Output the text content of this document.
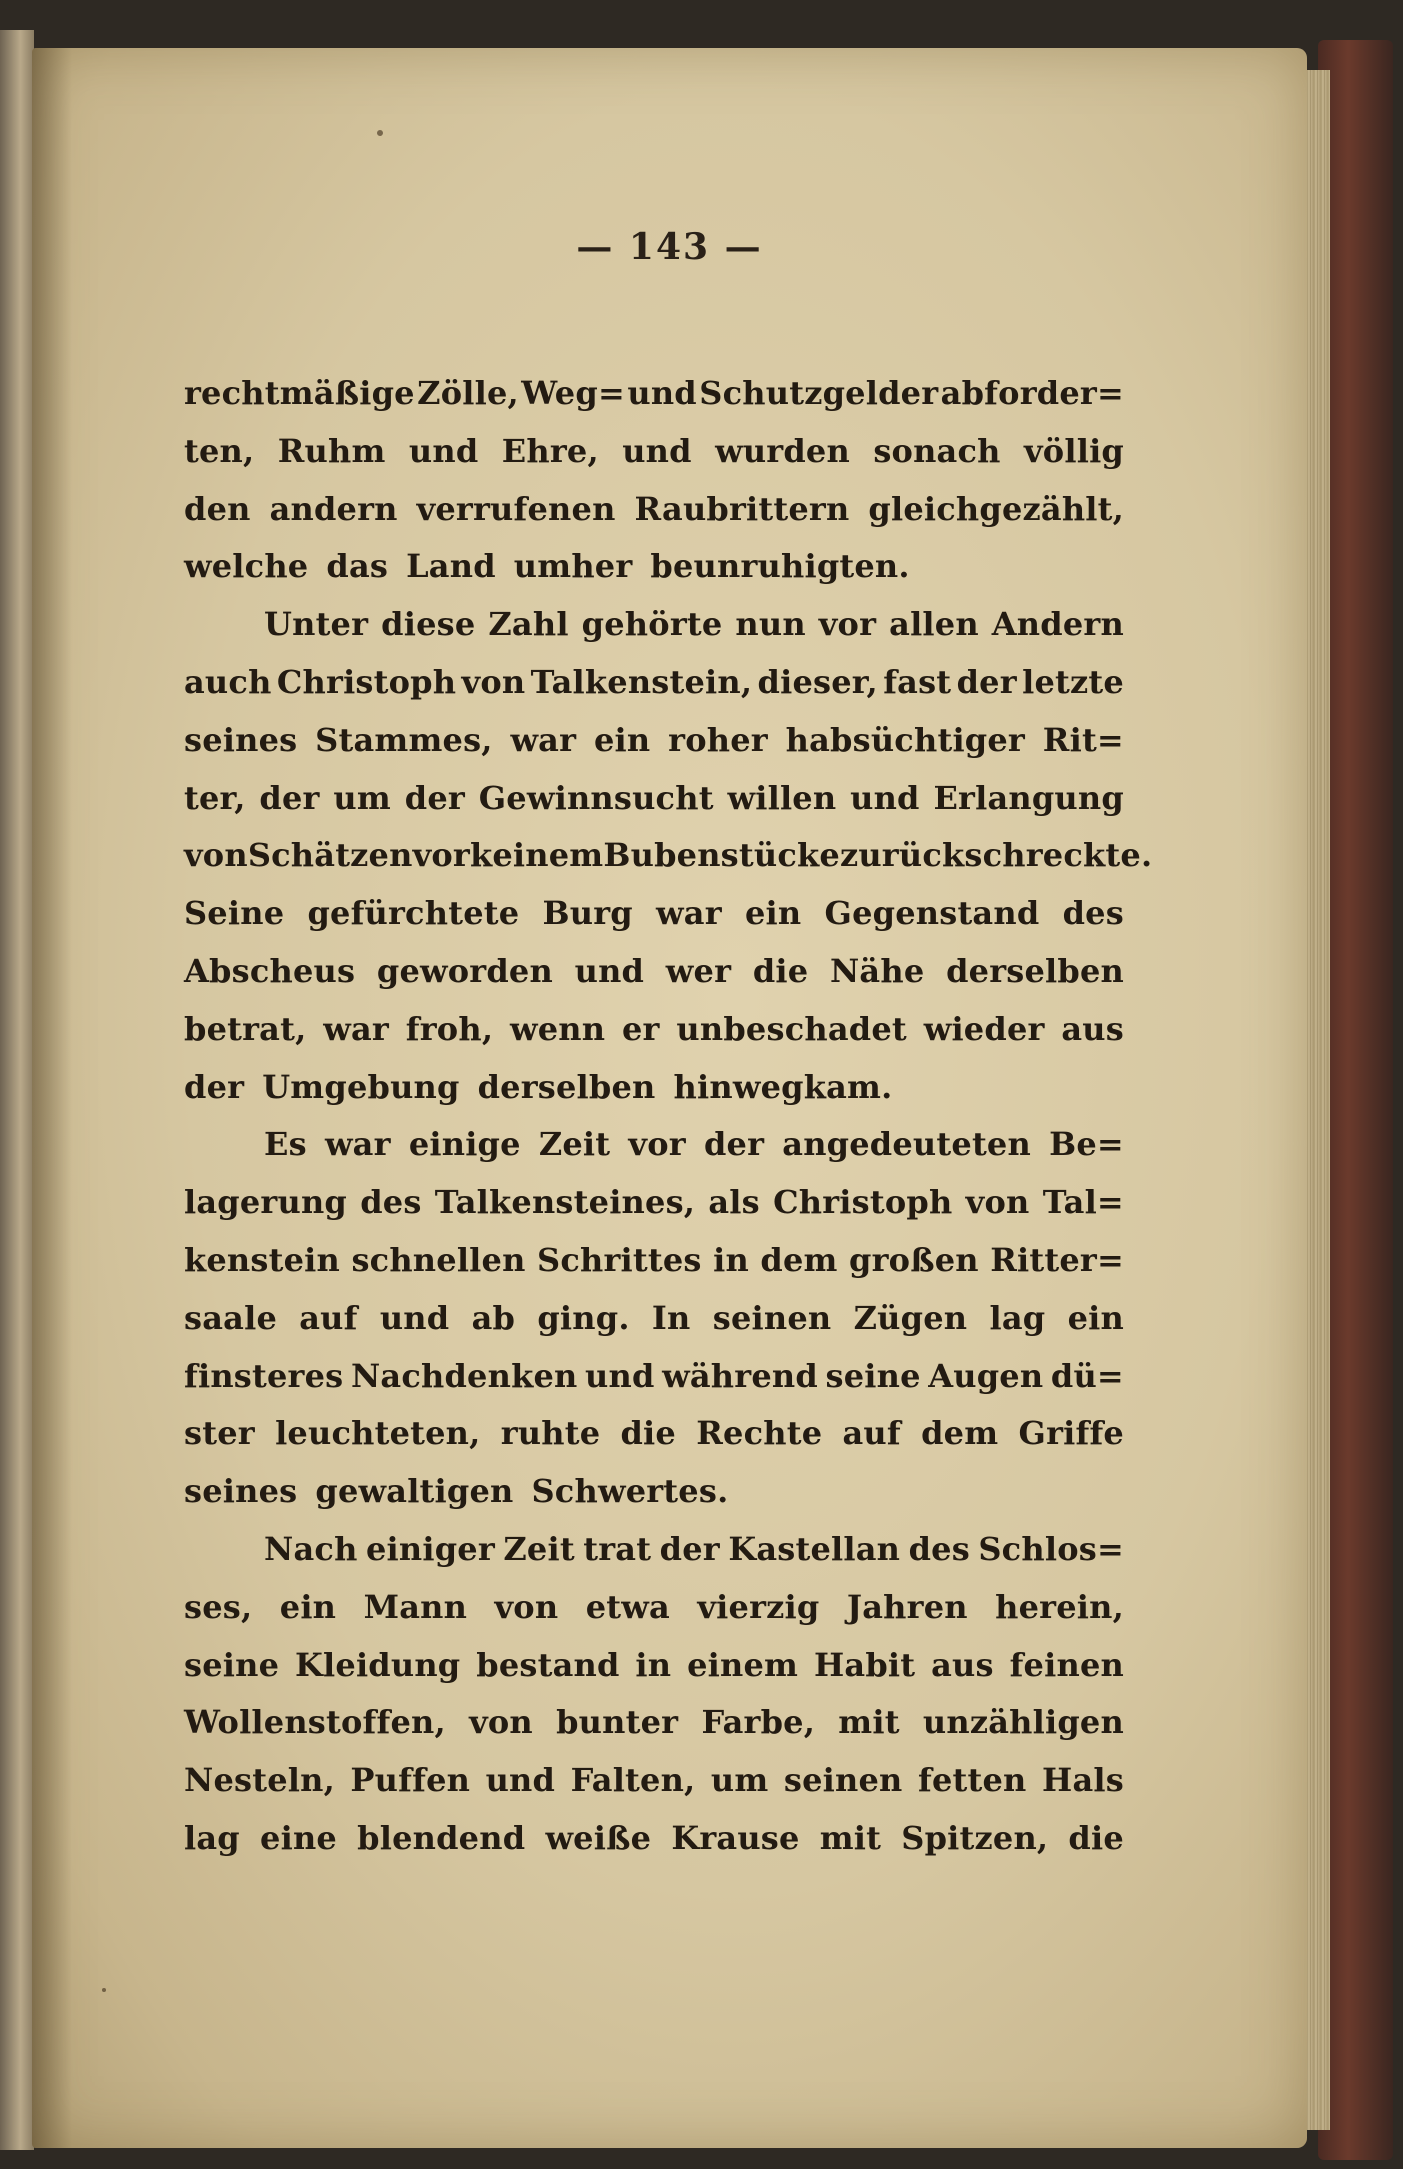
— 143 —
rechtmäßige Zölle, Weg= und Schutzgelder abforder=
ten, Ruhm und Ehre, und wurden sonach völlig
den andern verrufenen Raubrittern gleichgezählt,
welche das Land umher beunruhigten.
Unter diese Zahl gehörte nun vor allen Andern
auch Christoph von Talkenstein, dieser, fast der letzte
seines Stammes, war ein roher habsüchtiger Rit=
ter, der um der Gewinnsucht willen und Erlangung
von Schätzen vor keinem Bubenstücke zurückschreckte.
Seine gefürchtete Burg war ein Gegenstand des
Abscheus geworden und wer die Nähe derselben
betrat, war froh, wenn er unbeschadet wieder aus
der Umgebung derselben hinwegkam.
Es war einige Zeit vor der angedeuteten Be=
lagerung des Talkensteines, als Christoph von Tal=
kenstein schnellen Schrittes in dem großen Ritter=
saale auf und ab ging. In seinen Zügen lag ein
finsteres Nachdenken und während seine Augen dü=
ster leuchteten, ruhte die Rechte auf dem Griffe
seines gewaltigen Schwertes.
Nach einiger Zeit trat der Kastellan des Schlos=
ses, ein Mann von etwa vierzig Jahren herein,
seine Kleidung bestand in einem Habit aus feinen
Wollenstoffen, von bunter Farbe, mit unzähligen
Nesteln, Puffen und Falten, um seinen fetten Hals
lag eine blendend weiße Krause mit Spitzen, die
